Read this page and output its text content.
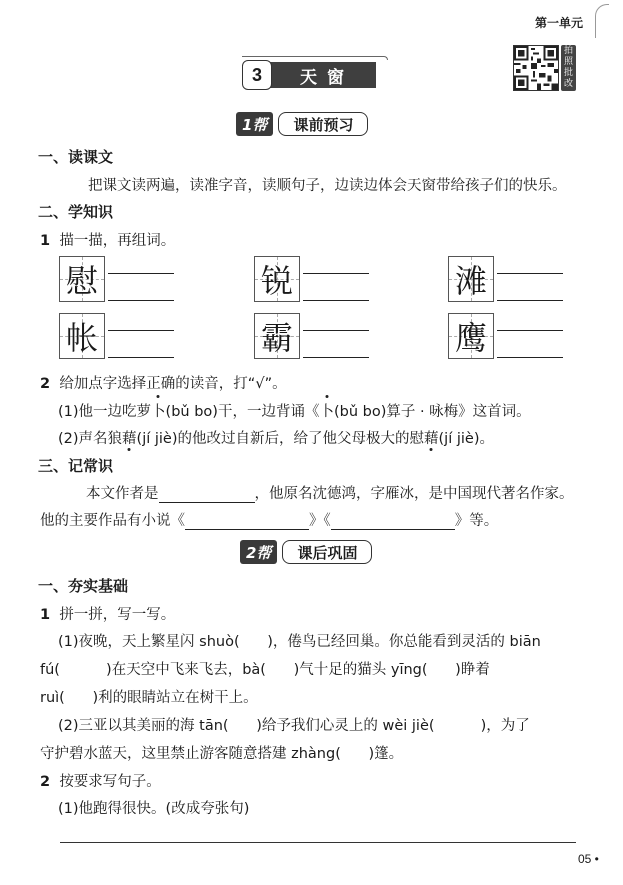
第一单元
3	天窗
拍照批改
1帮	课前预习
一、读课文
把课文读两遍，读准字音，读顺句子，边读边体会天窗带给孩子们的快乐。
二、学知识
1 描一描，再组词。
慰	锐	滩
帐	霸	鹰
2 给加点字选择正确的读音，打“√”。
(1)他一边吃萝卜(bǔ bo)干，一边背诵《卜(bǔ bo)算子 · 咏梅》这首词。
(2)声名狼藉(jí jiè)的他改过自新后，给了他父母极大的慰藉(jí jiè)。
三、记常识
本文作者是	，他原名沈德鸿，字雁冰，是中国现代著名作家。
他的主要作品有小说《	》《	》等。
2帮	课后巩固
一、夯实基础
1 拼一拼，写一写。
(1)夜晚，天上繁星闪 shuò(      )，倦鸟已经回巢。你总能看到灵活的 biān
fú(          )在天空中飞来飞去，bà(      )气十足的猫头 yīng(      )睁着
ruì(      )利的眼睛站立在树干上。
(2)三亚以其美丽的海 tān(      )给予我们心灵上的 wèi jiè(          )，为了
守护碧水蓝天，这里禁止游客随意搭建 zhàng(      )篷。
2 按要求写句子。
(1)他跑得很快。(改成夸张句)
05 •
